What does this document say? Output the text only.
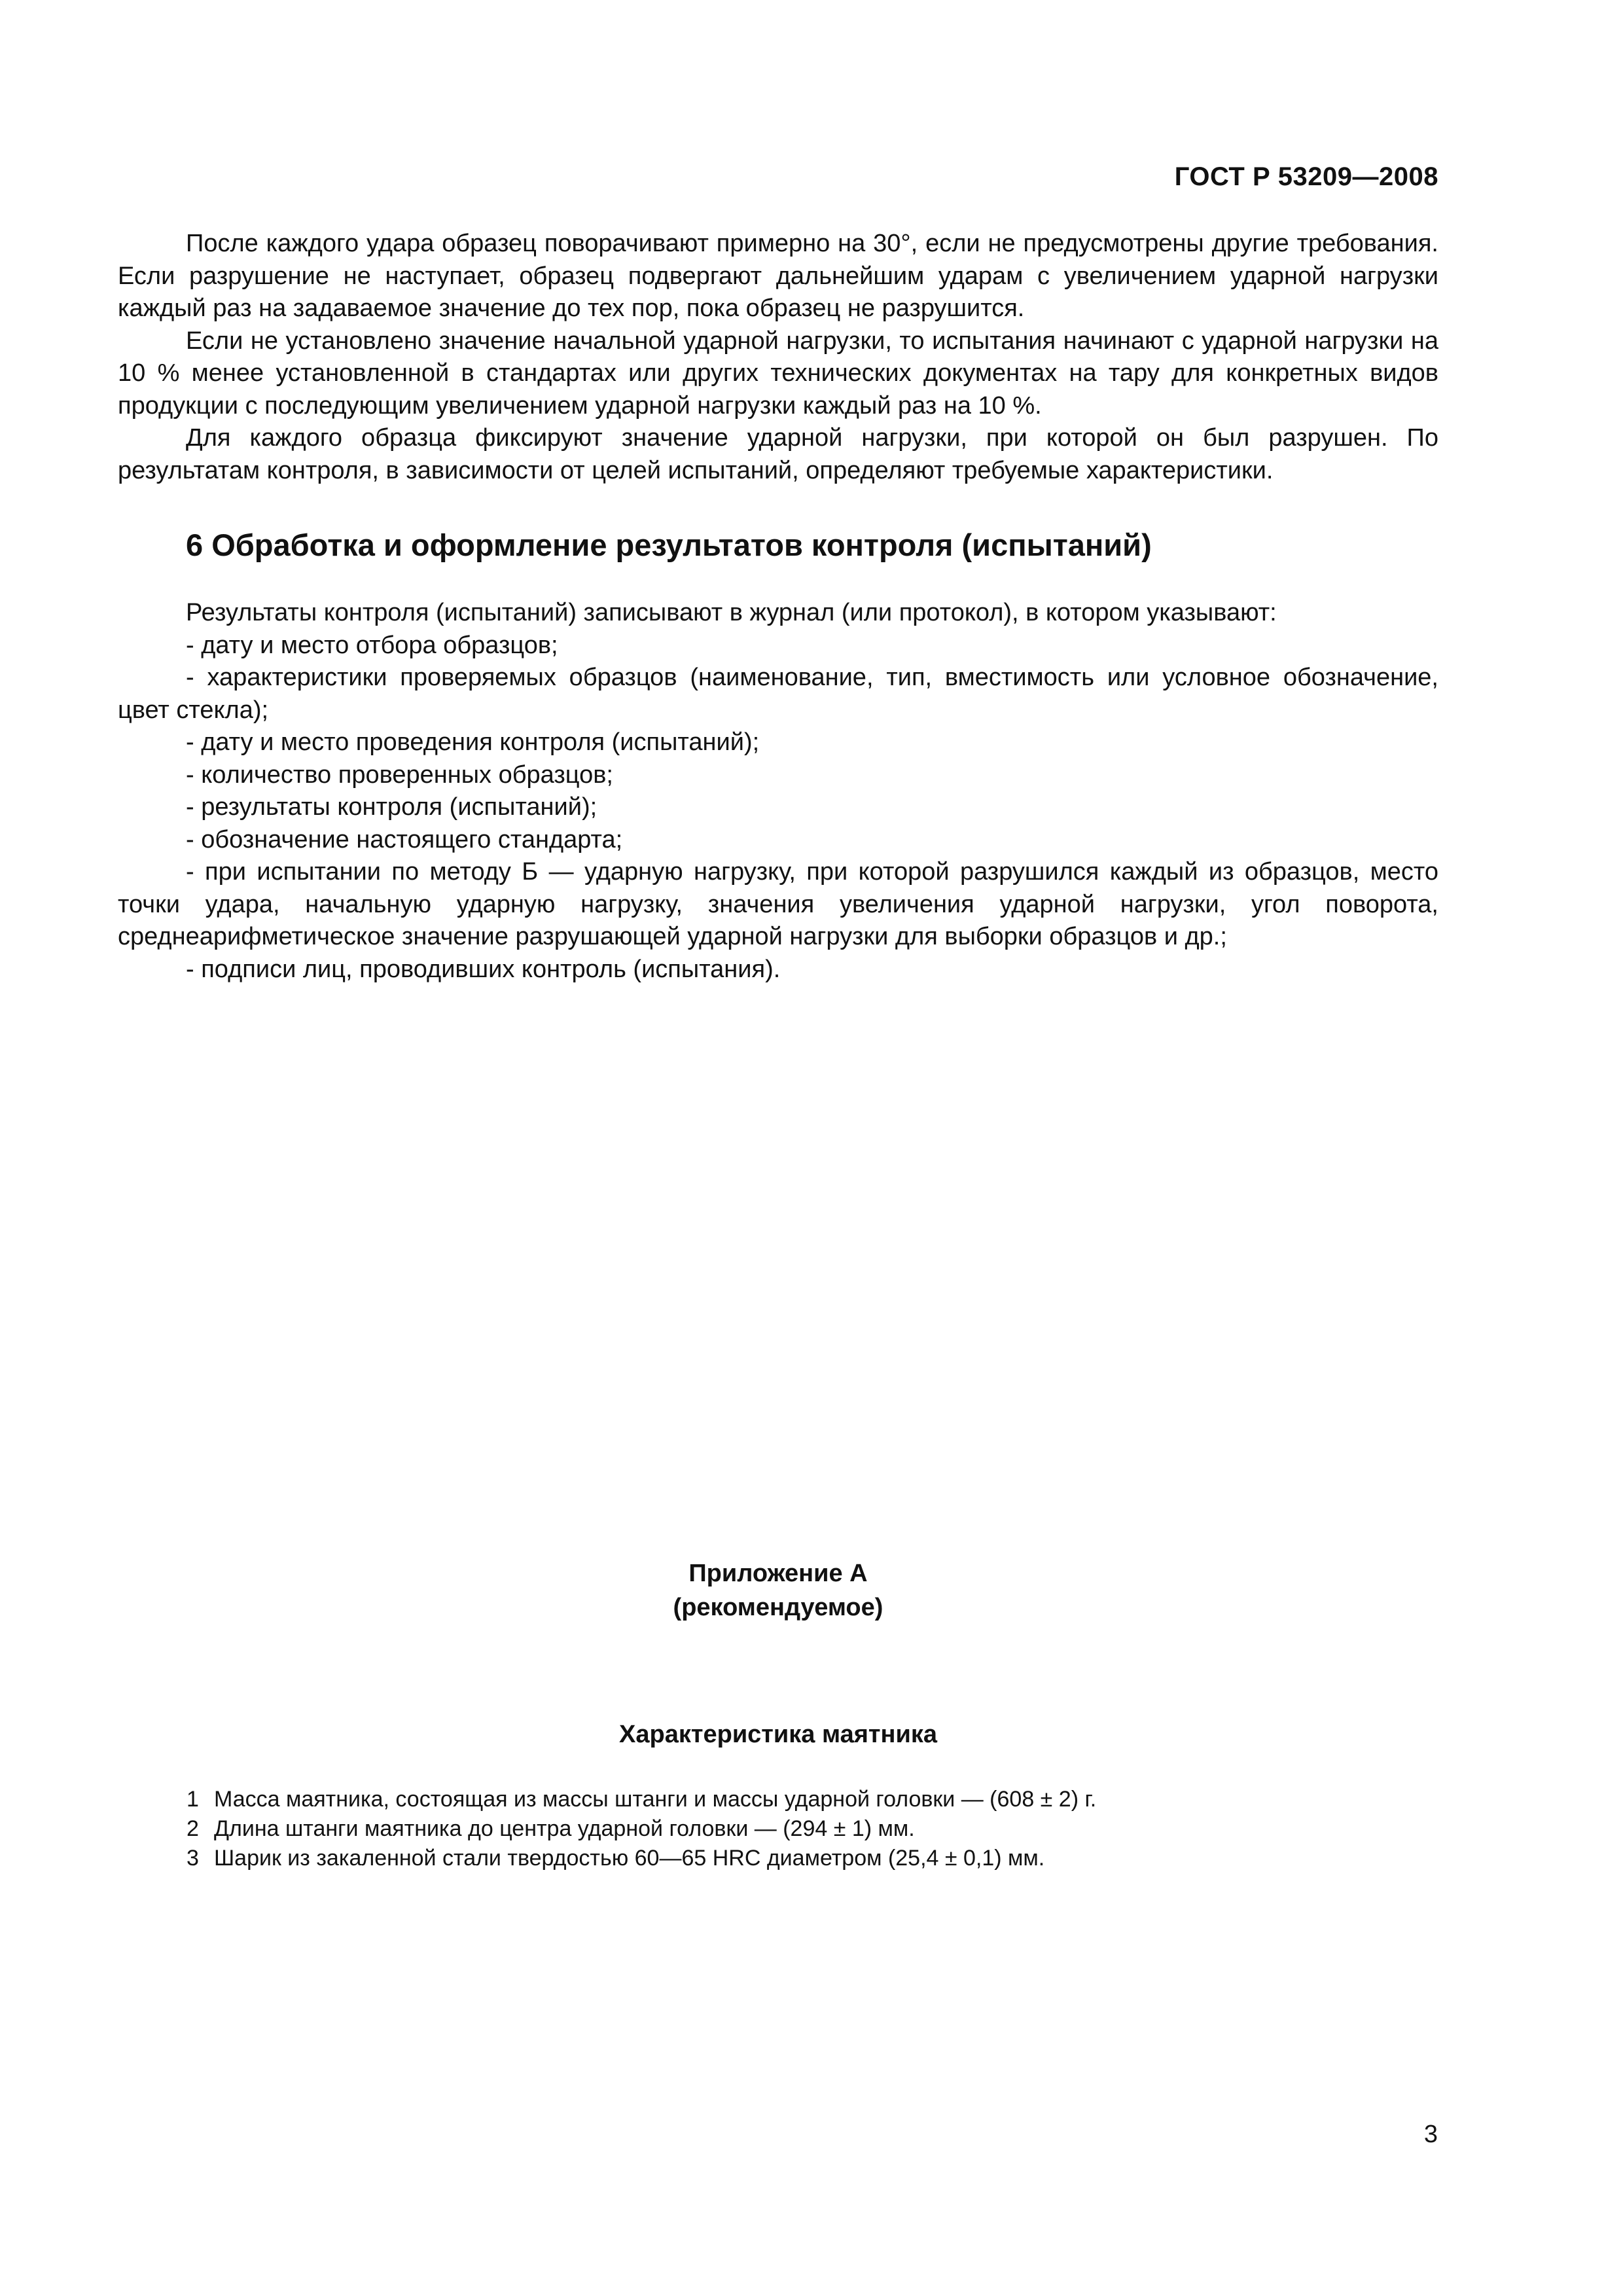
ГОСТ Р 53209—2008

После каждого удара образец поворачивают примерно на 30°, если не предусмотрены другие требования. Если разрушение не наступает, образец подвергают дальнейшим ударам с увеличением ударной нагрузки каждый раз на задаваемое значение до тех пор, пока образец не разрушится.

Если не установлено значение начальной ударной нагрузки, то испытания начинают с ударной нагрузки на 10 % менее установленной в стандартах или других технических документах на тару для конкретных видов продукции с последующим увеличением ударной нагрузки каждый раз на 10 %.

Для каждого образца фиксируют значение ударной нагрузки, при которой он был разрушен. По результатам контроля, в зависимости от целей испытаний, определяют требуемые характеристики.

6 Обработка и оформление результатов контроля (испытаний)

Результаты контроля (испытаний) записывают в журнал (или протокол), в котором указывают:

- дату и место отбора образцов;

- характеристики проверяемых образцов (наименование, тип, вместимость или условное обозначение, цвет стекла);

- дату и место проведения контроля (испытаний);

- количество проверенных образцов;

- результаты контроля (испытаний);

- обозначение настоящего стандарта;

- при испытании по методу Б — ударную нагрузку, при которой разрушился каждый из образцов, место точки удара, начальную ударную нагрузку, значения увеличения ударной нагрузки, угол поворота, среднеарифметическое значение разрушающей ударной нагрузки для выборки образцов и др.;

- подписи лиц, проводивших контроль (испытания).

Приложение А
(рекомендуемое)
Характеристика маятника
1 Масса маятника, состоящая из массы штанги и массы ударной головки — (608 ± 2) г.
2 Длина штанги маятника до центра ударной головки — (294 ± 1) мм.
3 Шарик из закаленной стали твердостью 60—65 HRC диаметром (25,4 ± 0,1) мм.
3
